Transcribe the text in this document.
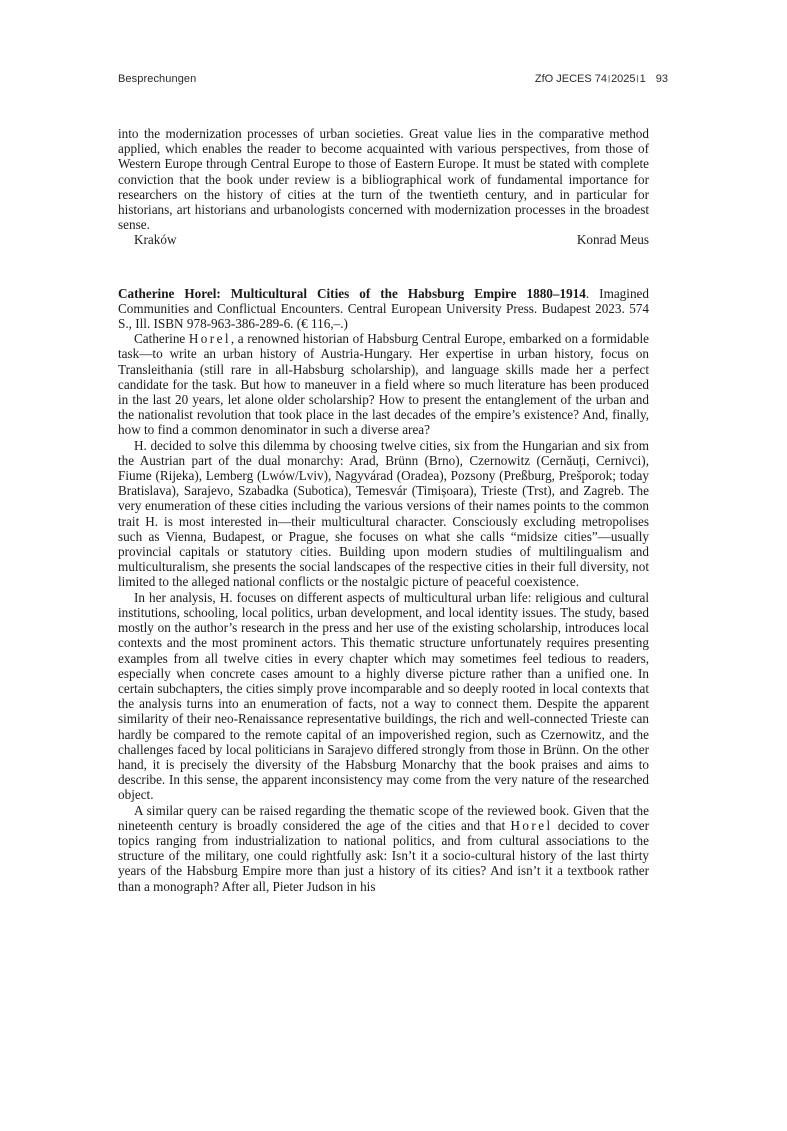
Besprechungen	ZfO JECES 74|2025|1 93

into the modernization processes of urban societies. Great value lies in the comparative method applied, which enables the reader to become acquainted with various perspectives, from those of Western Europe through Central Europe to those of Eastern Europe. It must be stated with complete conviction that the book under review is a bibliographical work of fundamental importance for researchers on the history of cities at the turn of the twentieth century, and in particular for historians, art historians and urbanologists concerned with modernization processes in the broadest sense.

Kraków	Konrad Meus

Catherine Horel: Multicultural Cities of the Habsburg Empire 1880–1914. Imagined Communities and Conflictual Encounters. Central European University Press. Budapest 2023. 574 S., Ill. ISBN 978-963-386-289-6. (€ 116,–.)

Catherine Horel, a renowned historian of Habsburg Central Europe, embarked on a formidable task—to write an urban history of Austria-Hungary. Her expertise in urban history, focus on Transleithania (still rare in all-Habsburg scholarship), and language skills made her a perfect candidate for the task. But how to maneuver in a field where so much literature has been produced in the last 20 years, let alone older scholarship? How to present the entanglement of the urban and the nationalist revolution that took place in the last decades of the empire’s existence? And, finally, how to find a common denominator in such a diverse area?

H. decided to solve this dilemma by choosing twelve cities, six from the Hungarian and six from the Austrian part of the dual monarchy: Arad, Brünn (Brno), Czernowitz (Cernăuți, Cernivci), Fiume (Rijeka), Lemberg (Lwów/Lviv), Nagyvárad (Oradea), Pozsony (Preßburg, Prešporok; today Bratislava), Sarajevo, Szabadka (Subotica), Temesvár (Timișoara), Trieste (Trst), and Zagreb. The very enumeration of these cities including the various versions of their names points to the common trait H. is most interested in—their multicultural character. Consciously excluding metropolises such as Vienna, Budapest, or Prague, she focuses on what she calls “midsize cities”—usually provincial capitals or statutory cities. Building upon modern studies of multilingualism and multiculturalism, she presents the social landscapes of the respective cities in their full diversity, not limited to the alleged national conflicts or the nostalgic picture of peaceful coexistence.

In her analysis, H. focuses on different aspects of multicultural urban life: religious and cultural institutions, schooling, local politics, urban development, and local identity issues. The study, based mostly on the author’s research in the press and her use of the existing scholarship, introduces local contexts and the most prominent actors. This thematic structure unfortunately requires presenting examples from all twelve cities in every chapter which may sometimes feel tedious to readers, especially when concrete cases amount to a highly diverse picture rather than a unified one. In certain subchapters, the cities simply prove incomparable and so deeply rooted in local contexts that the analysis turns into an enumeration of facts, not a way to connect them. Despite the apparent similarity of their neo-Renaissance representative buildings, the rich and well-connected Trieste can hardly be compared to the remote capital of an impoverished region, such as Czernowitz, and the challenges faced by local politicians in Sarajevo differed strongly from those in Brünn. On the other hand, it is precisely the diversity of the Habsburg Monarchy that the book praises and aims to describe. In this sense, the apparent inconsistency may come from the very nature of the researched object.

A similar query can be raised regarding the thematic scope of the reviewed book. Given that the nineteenth century is broadly considered the age of the cities and that Horel decided to cover topics ranging from industrialization to national politics, and from cultural associations to the structure of the military, one could rightfully ask: Isn’t it a socio-cultural history of the last thirty years of the Habsburg Empire more than just a history of its cities? And isn’t it a textbook rather than a monograph? After all, Pieter Judson in his
